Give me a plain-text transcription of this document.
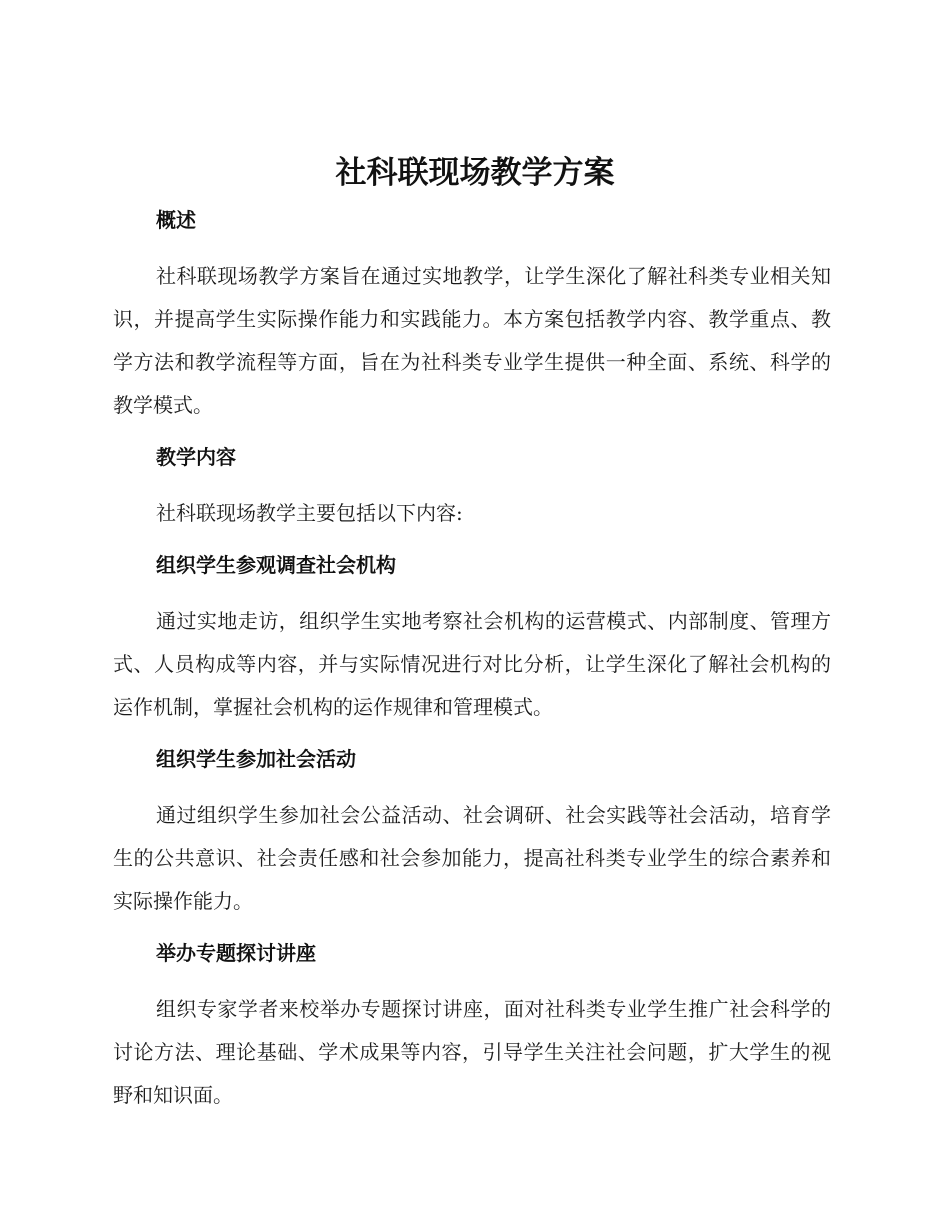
社科联现场教学方案
概述

社科联现场教学方案旨在通过实地教学，让学生深化了解社科类专业相关知识，并提高学生实际操作能力和实践能力。本方案包括教学内容、教学重点、教学方法和教学流程等方面，旨在为社科类专业学生提供一种全面、系统、科学的教学模式。

教学内容

社科联现场教学主要包括以下内容:

组织学生参观调查社会机构

通过实地走访，组织学生实地考察社会机构的运营模式、内部制度、管理方式、人员构成等内容，并与实际情况进行对比分析，让学生深化了解社会机构的运作机制，掌握社会机构的运作规律和管理模式。

组织学生参加社会活动

通过组织学生参加社会公益活动、社会调研、社会实践等社会活动，培育学生的公共意识、社会责任感和社会参加能力，提高社科类专业学生的综合素养和实际操作能力。

举办专题探讨讲座

组织专家学者来校举办专题探讨讲座，面对社科类专业学生推广社会科学的讨论方法、理论基础、学术成果等内容，引导学生关注社会问题，扩大学生的视野和知识面。
